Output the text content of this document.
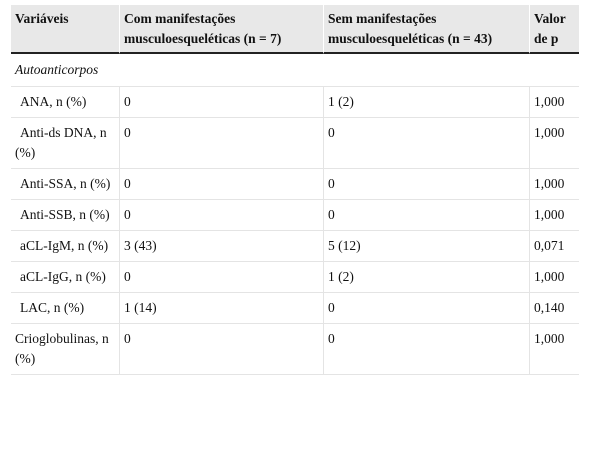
Variáveis	Com manifestações musculoesqueléticas (n = 7)	Sem manifestações musculoesqueléticas (n = 43)	Valor de p
Autoanticorpos			
ANA, n (%)	0	1 (2)	1,000
Anti-ds DNA, n (%)	0	0	1,000
Anti-SSA, n (%)	0	0	1,000
Anti-SSB, n (%)	0	0	1,000
aCL-IgM, n (%)	3 (43)	5 (12)	0,071
aCL-IgG, n (%)	0	1 (2)	1,000
LAC, n (%)	1 (14)	0	0,140
Crioglobulinas, n (%)	0	0	1,000
